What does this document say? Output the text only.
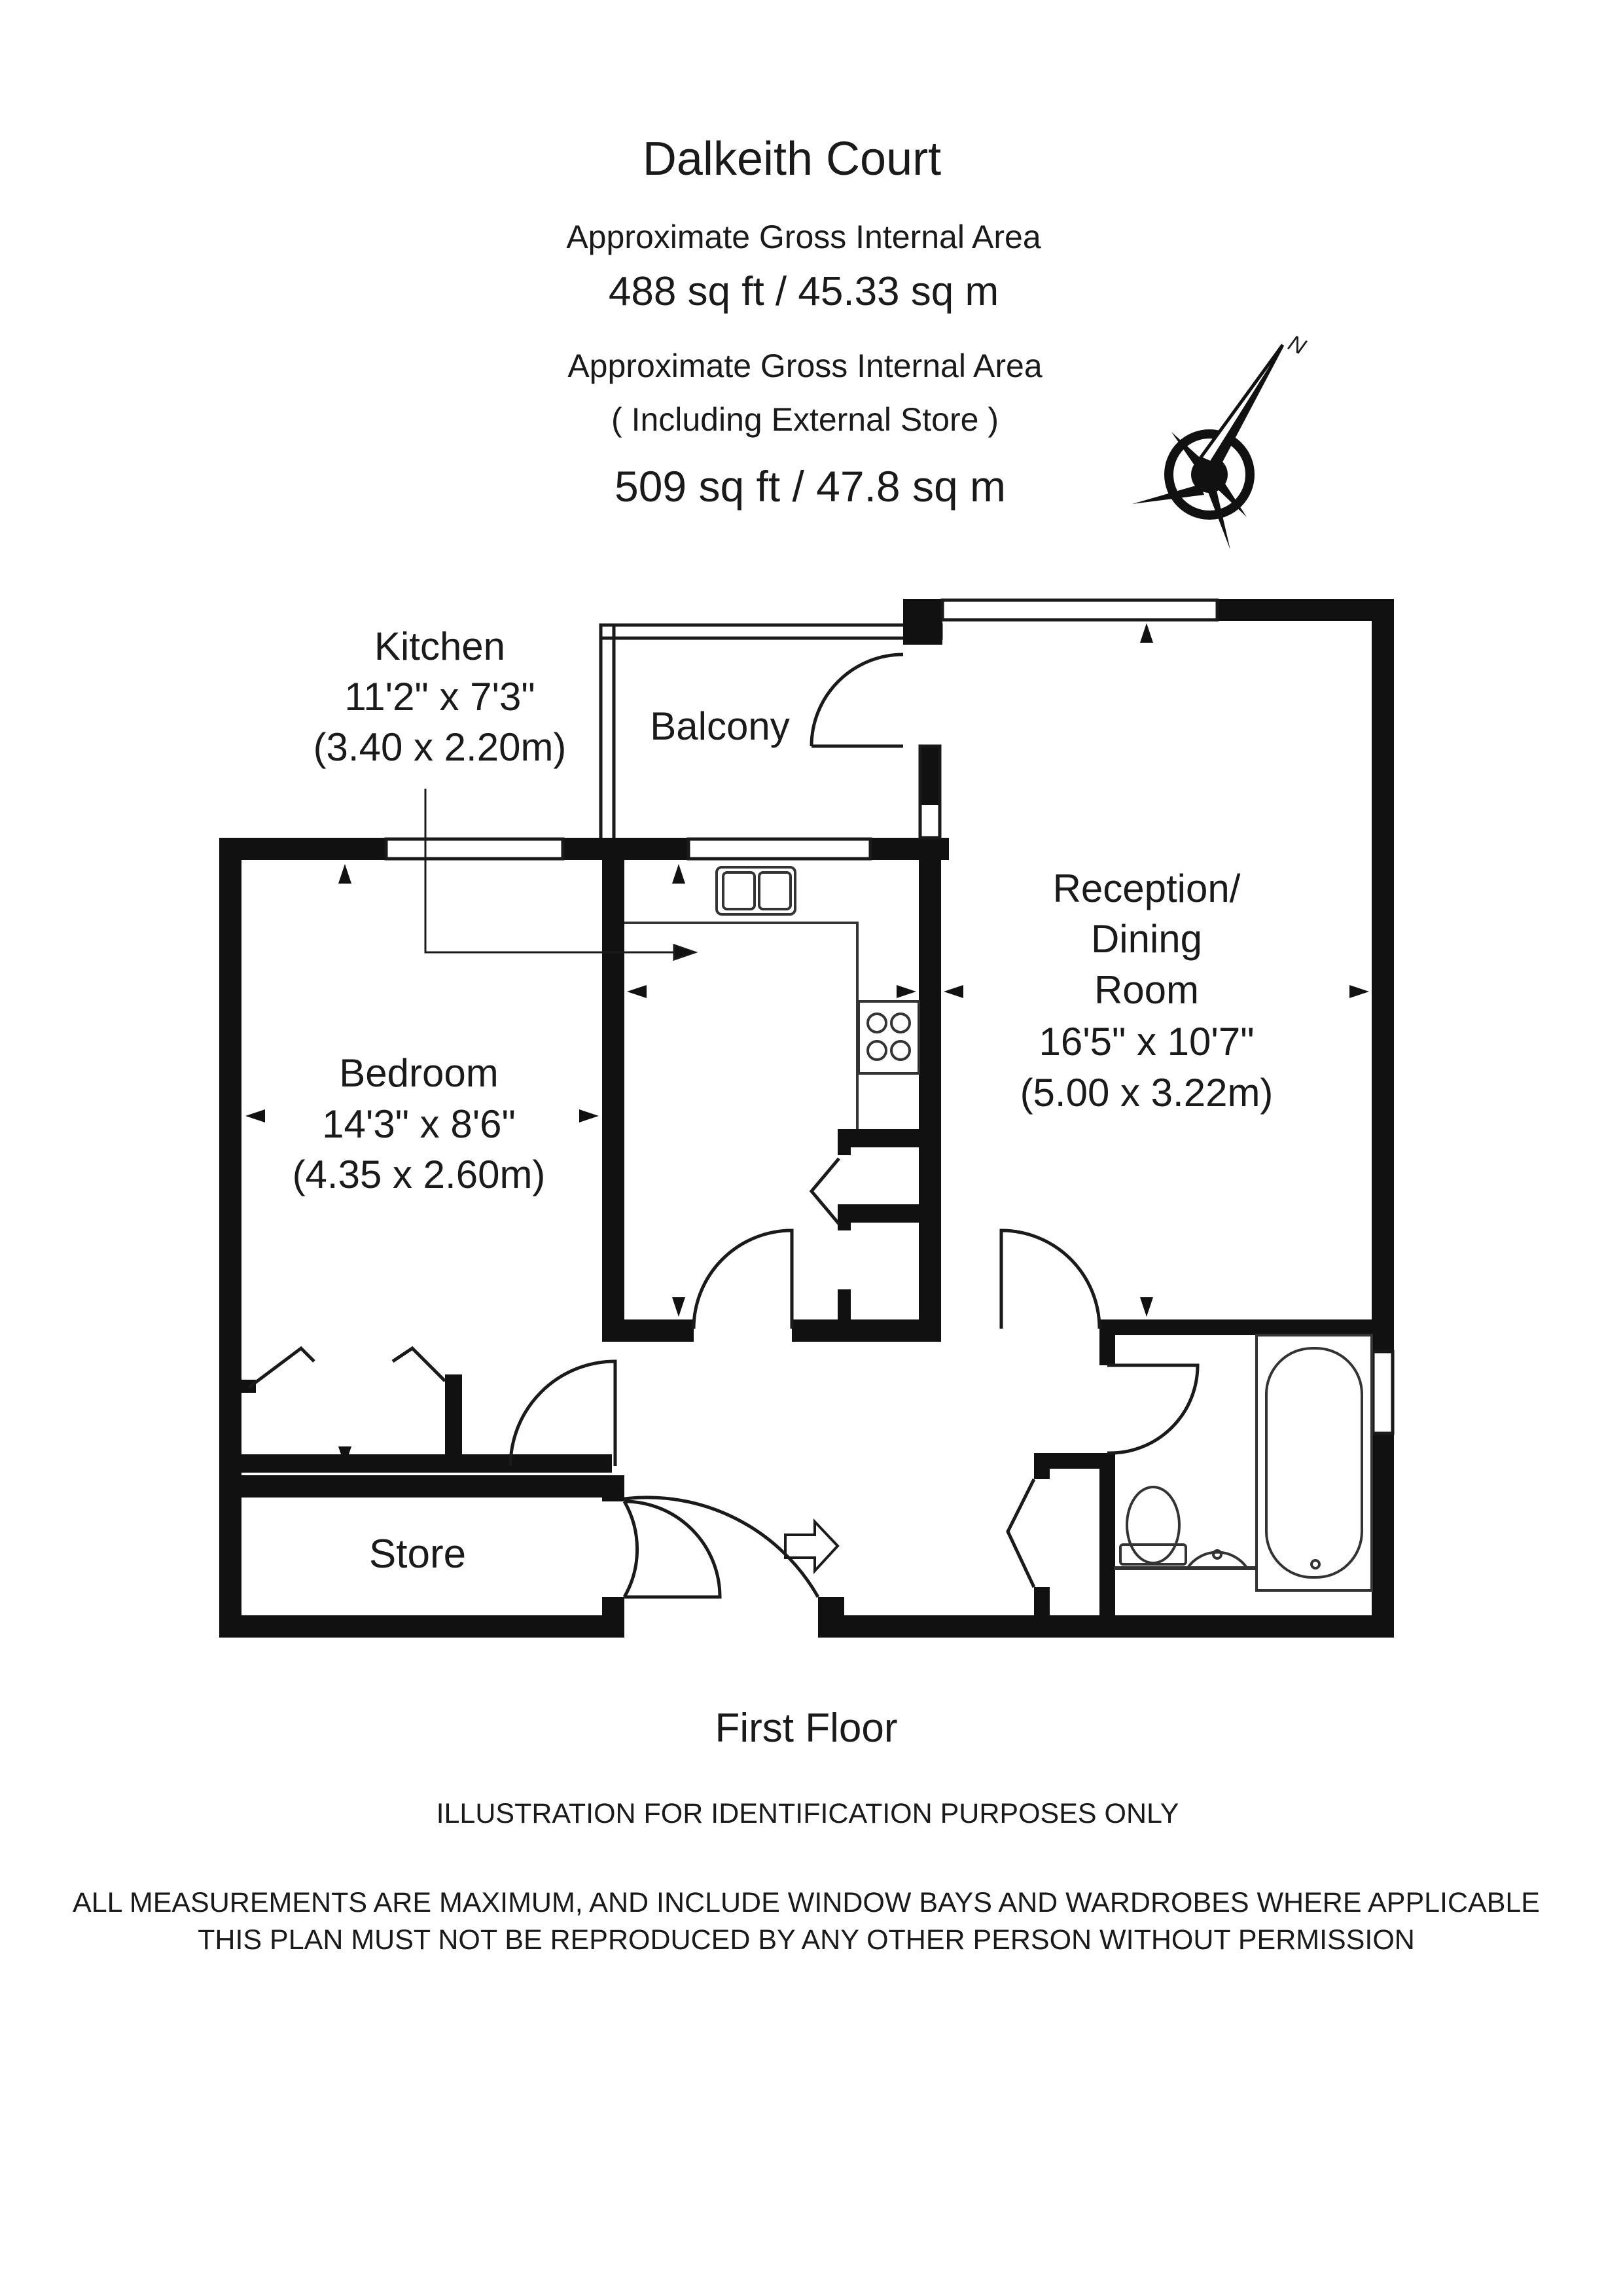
Dalkeith Court
Approximate Gross Internal Area
488 sq ft / 45.33 sq m
Approximate Gross Internal Area
( Including External Store )
509 sq ft / 47.8 sq m
N
Kitchen
11'2" x 7'3"
(3.40 x 2.20m) Balcony
Reception/
Dining
Room
16'5" x 10'7"
(5.00 x 3.22m)
Bedroom
14'3" x 8'6"
(4.35 x 2.60m)
Store
First Floor
ILLUSTRATION FOR IDENTIFICATION PURPOSES ONLY
ALL MEASUREMENTS ARE MAXIMUM, AND INCLUDE WINDOW BAYS AND WARDROBES WHERE APPLICABLE
THIS PLAN MUST NOT BE REPRODUCED BY ANY OTHER PERSON WITHOUT PERMISSION
